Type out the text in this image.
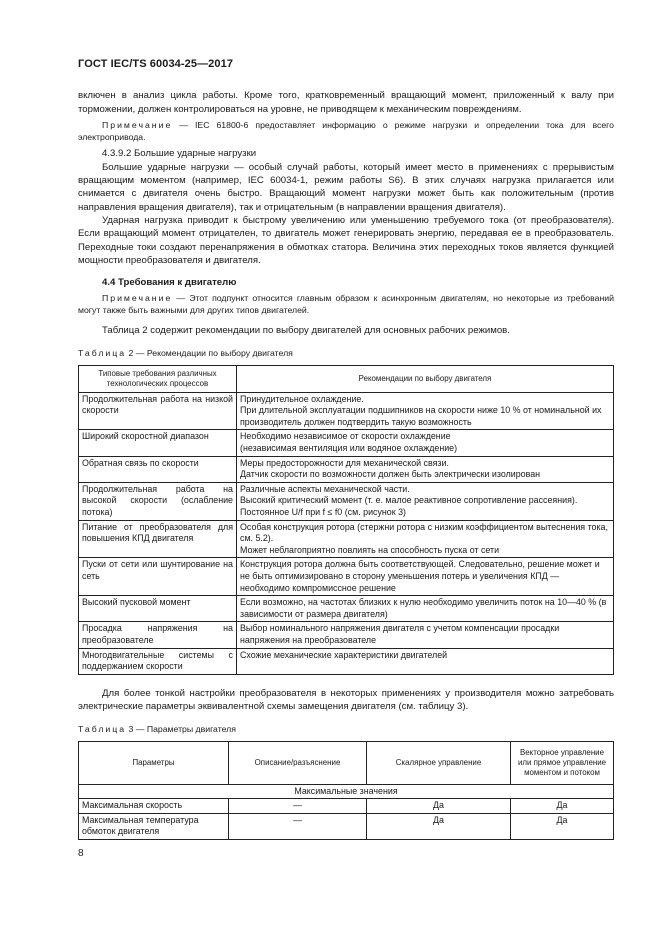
ГОСТ IEC/TS 60034-25—2017

включен в анализ цикла работы. Кроме того, кратковременный вращающий момент, приложенный к валу при торможении, должен контролироваться на уровне, не приводящем к механическим повреждениям.

Примечание — IEC 61800-6 предоставляет информацию о режиме нагрузки и определении тока для всего электропривода.

4.3.9.2 Большие ударные нагрузки

Большие ударные нагрузки — особый случай работы, который имеет место в применениях с прерывистым вращающим моментом (например, IEC 60034-1, режим работы S6). В этих случаях нагрузка прилагается или снимается с двигателя очень быстро. Вращающий момент нагрузки может быть как положительным (против направления вращения двигателя), так и отрицательным (в направлении вращения двигателя).

Ударная нагрузка приводит к быстрому увеличению или уменьшению требуемого тока (от преобразователя). Если вращающий момент отрицателен, то двигатель может генерировать энергию, передавая ее в преобразователь. Переходные токи создают перенапряжения в обмотках статора. Величина этих переходных токов является функцией мощности преобразователя и двигателя.

4.4 Требования к двигателю

Примечание — Этот подпункт относится главным образом к асинхронным двигателям, но некоторые из требований могут также быть важными для других типов двигателей.

Таблица 2 содержит рекомендации по выбору двигателей для основных рабочих режимов.

Таблица 2 — Рекомендации по выбору двигателя
Типовые требования различных технологических процессов	Рекомендации по выбору двигателя
Продолжительная работа на низкой скорости	Принудительное охлаждение.
При длительной эксплуатации подшипников на скорости ниже 10 % от номинальной их производитель должен подтвердить такую возможность

Широкий скоростной диапазон	Необходимо независимое от скорости охлаждение
(независимая вентиляция или водяное охлаждение)

Обратная связь по скорости	Меры предосторожности для механической связи.
Датчик скорости по возможности должен быть электрически изолирован

Продолжительная работа на высокой скорости (ослабление потока)	Различные аспекты механической части.
Высокий критический момент (т. е. малое реактивное сопротивление рассеяния).
Постоянное U/f при f ≤ f0 (см. рисунок 3)

Питание от преобразователя для повышения КПД двигателя	Особая конструкция ротора (стержни ротора с низким коэффициентом вытеснения тока, см. 5.2).
Может неблагоприятно повлиять на способность пуска от сети

Пуски от сети или шунтирование на сеть	Конструкция ротора должна быть соответствующей. Следовательно, решение может и не быть оптимизировано в сторону уменьшения потерь и увеличения КПД — необходимо компромиссное решение

Высокий пусковой момент	Если возможно, на частотах близких к нулю необходимо увеличить поток на 10—40 % (в зависимости от размера двигателя)

Просадка напряжения на преобразователе	Выбор номинального напряжения двигателя с учетом компенсации просадки напряжения на преобразователе

Многодвигательные системы с поддержанием скорости	Схожие механические характеристики двигателей

Для более тонкой настройки преобразователя в некоторых применениях у производителя можно затребовать электрические параметры эквивалентной схемы замещения двигателя (см. таблицу 3).

Таблица 3 — Параметры двигателя
Параметры	Описание/разъяснение	Скалярное управление	Векторное управление или прямое управление моментом и потоком
Максимальные значения			
Максимальная скорость	—	Да	Да
Максимальная температура обмоток двигателя	—	Да	Да
8
